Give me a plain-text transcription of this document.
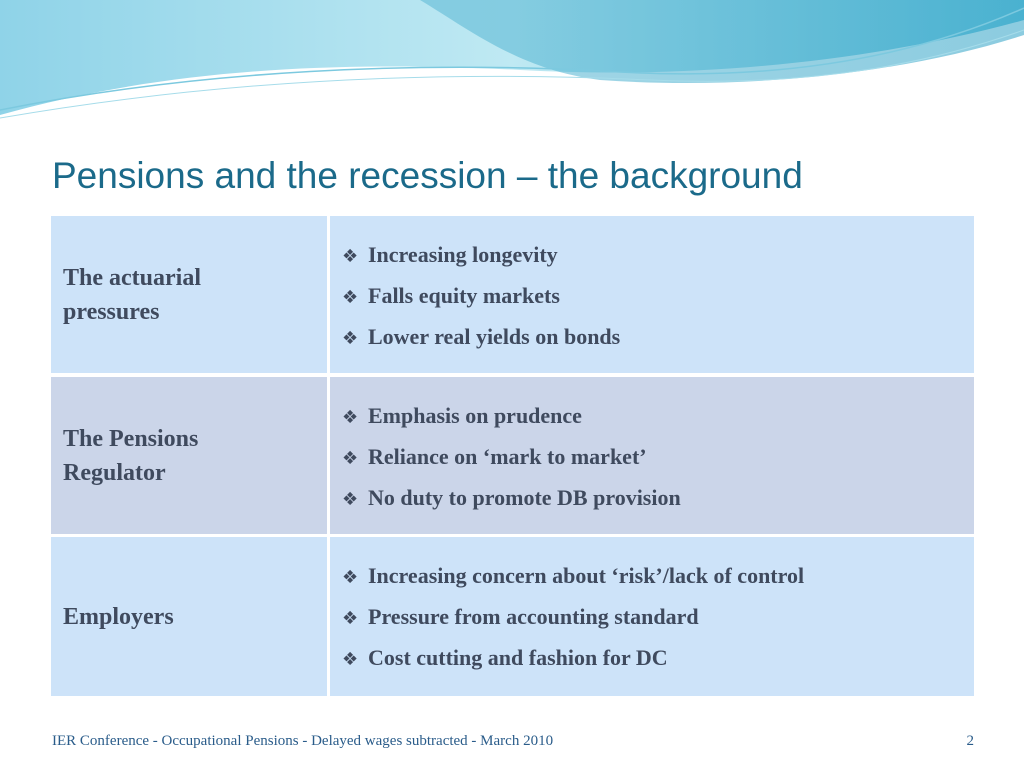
Pensions and the recession – the background
The actuarial pressures
❖ Increasing longevity
❖ Falls equity markets
❖ Lower real yields on bonds
The Pensions Regulator
❖ Emphasis on prudence
❖ Reliance on ‘mark to market’
❖ No duty to promote DB provision
Employers
❖ Increasing concern about ‘risk’/lack of control
❖ Pressure from accounting standard
❖ Cost cutting and fashion for DC
IER Conference - Occupational Pensions - Delayed wages subtracted - March 2010	2
